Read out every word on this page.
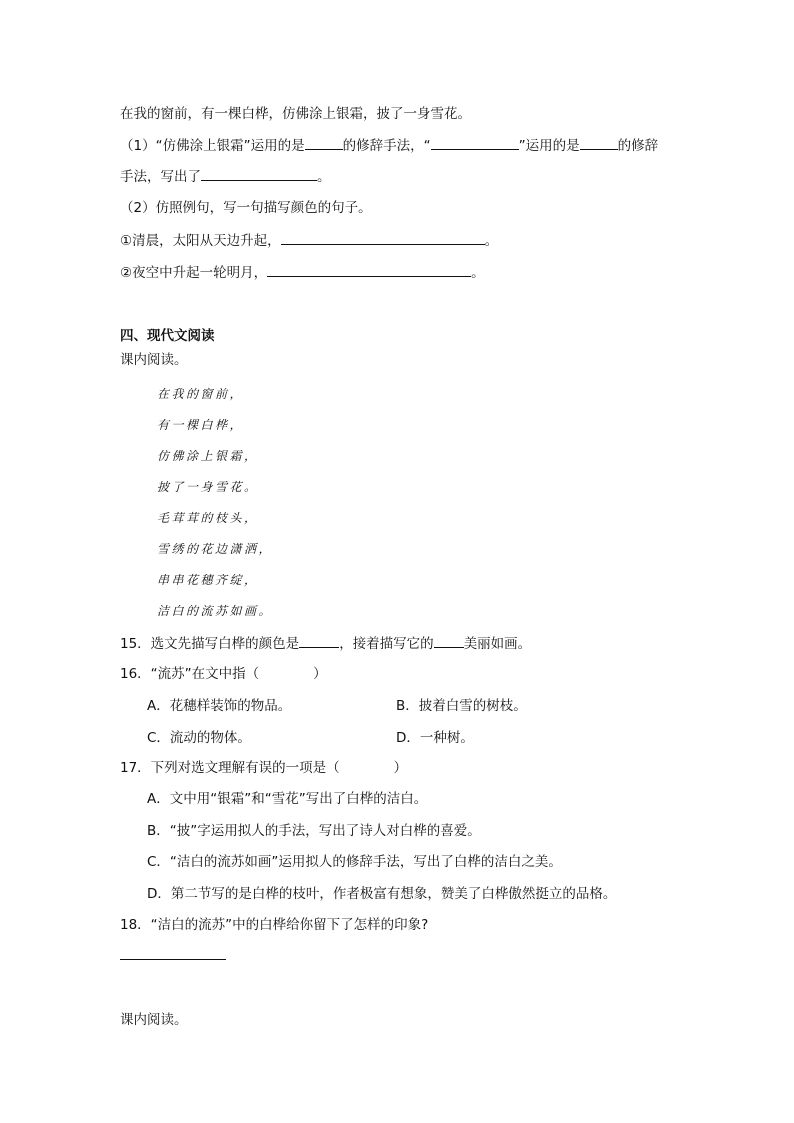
在我的窗前，有一棵白桦，仿佛涂上银霜，披了一身雪花。
（1）“仿佛涂上银霜”运用的是	的修辞手法，“	”运用的是	的修辞
手法，写出了	。
（2）仿照例句，写一句描写颜色的句子。
①清晨，太阳从天边升起，	。
②夜空中升起一轮明月，	。
四、现代文阅读
课内阅读。
在我的窗前，
有一棵白桦，
仿佛涂上银霜，
披了一身雪花。
毛茸茸的枝头，
雪绣的花边潇洒，
串串花穗齐绽，
洁白的流苏如画。
15．选文先描写白桦的颜色是	，接着描写它的 美丽如画。
16．“流苏”在文中指（　　　　）
A．花穗样装饰的物品。	B．披着白雪的树枝。
C．流动的物体。	D．一种树。
17．下列对选文理解有误的一项是（　　　　）
A．文中用“银霜”和“雪花”写出了白桦的洁白。
B．“披”字运用拟人的手法，写出了诗人对白桦的喜爱。
C．“洁白的流苏如画”运用拟人的修辞手法，写出了白桦的洁白之美。
D．第二节写的是白桦的枝叶，作者极富有想象，赞美了白桦傲然挺立的品格。
18．“洁白的流苏”中的白桦给你留下了怎样的印象?
课内阅读。
